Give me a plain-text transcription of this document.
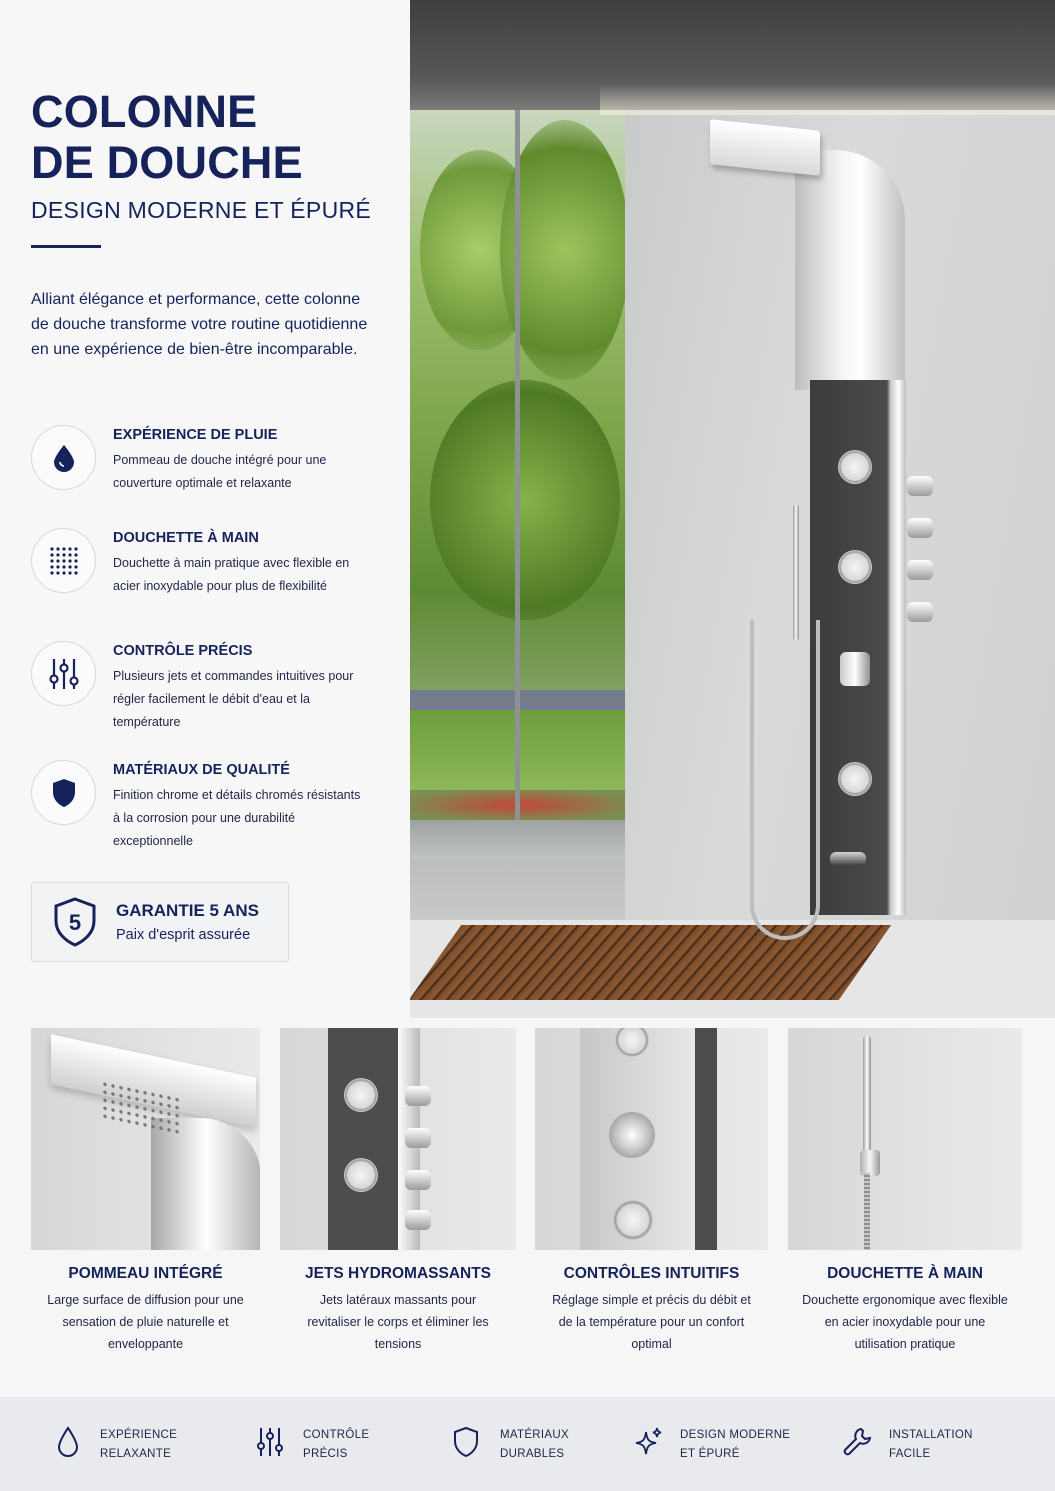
COLONNE
DE DOUCHE
DESIGN MODERNE ET ÉPURÉ

Alliant élégance et performance, cette colonne de douche transforme votre routine quotidienne en une expérience de bien-être incomparable.

EXPÉRIENCE DE PLUIE
Pommeau de douche intégré pour une couverture optimale et relaxante
DOUCHETTE À MAIN
Douchette à main pratique avec flexible en acier inoxydable pour plus de flexibilité
CONTRÔLE PRÉCIS
Plusieurs jets et commandes intuitives pour régler facilement le débit d'eau et la température
MATÉRIAUX DE QUALITÉ
Finition chrome et détails chromés résistants à la corrosion pour une durabilité exceptionnelle
5 GARANTIE 5 ANS
Paix d'esprit assurée
POMMEAU INTÉGRÉ
Large surface de diffusion pour une sensation de pluie naturelle et enveloppante
JETS HYDROMASSANTS
Jets latéraux massants pour revitaliser le corps et éliminer les tensions
CONTRÔLES INTUITIFS
Réglage simple et précis du débit et de la température pour un confort optimal
DOUCHETTE À MAIN
Douchette ergonomique avec flexible en acier inoxydable pour une utilisation pratique
EXPÉRIENCE
RELAXANTE
CONTRÔLE
PRÉCIS
MATÉRIAUX
DURABLES
DESIGN MODERNE
ET ÉPURÉ
INSTALLATION
FACILE
